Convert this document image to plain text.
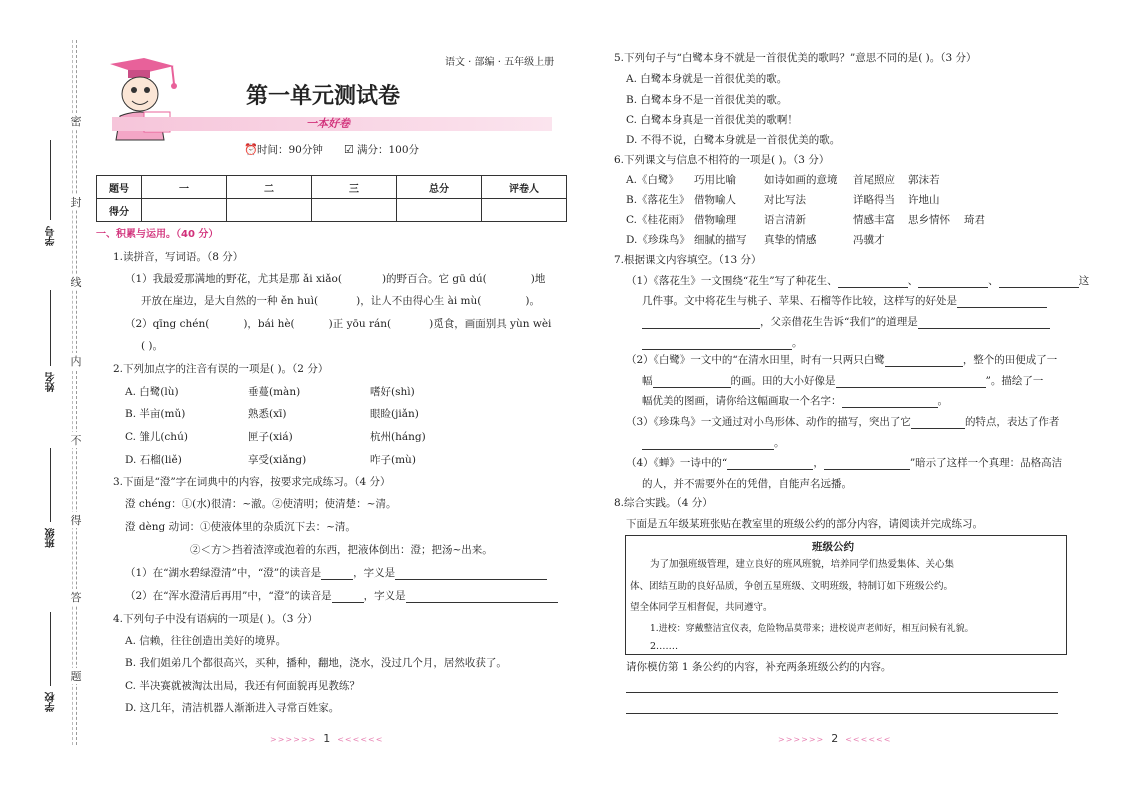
密
封
线
内
不
得
答
题
学号
姓名
班级
学校
语文 · 部编 · 五年级上册
第一单元测试卷
一本好卷
⏰ 时间：90分钟 ☑ 满分：100分
题号	一	二	三	总分	评卷人
得分					
一、积累与运用。（40 分）
1.读拼音，写词语。（8 分）
（1）我最爱那满地的野花，尤其是那 ǎi xiǎo(	)的野百合。它 gū dú(	)地
开放在崖边，是大自然的一种 ěn huì(	)，让人不由得心生 ài mù(	)。
（2）qīng chén(	)，bái hè(	)正 yōu rán(	)觅食，画面别具 yùn wèi
( )。
2.下列加点字的注音有误的一项是( )。（2 分）
A. 白鹭(lù)	垂蔓(màn)	嗜好(shì)
B. 半亩(mǔ)	熟悉(xī)	眼睑(jiǎn)
C. 雏儿(chú)	匣子(xiá)	杭州(háng)
D. 石榴(liě)	享受(xiǎng)	咋子(mù)
3.下面是“澄”字在词典中的内容，按要求完成练习。（4 分）
澄 chéng：①(水)很清：~澈。②使清明；使清楚：~清。
澄 dèng 动词：①使液体里的杂质沉下去：~清。
②＜方＞挡着渣滓或泡着的东西，把液体倒出：澄；把汤~出来。
（1）在“湖水碧绿澄清”中，“澄”的读音是	，字义是
（2）在“浑水澄清后再用”中，“澄”的读音是	，字义是
4.下列句子中没有语病的一项是( )。（3 分）
A. 信赖，往往创造出美好的境界。
B. 我们姐弟几个都很高兴，买种，播种，翻地，浇水，没过几个月，居然收获了。
C. 半决赛就被淘汰出局，我还有何面貌再见教练？
D. 这几年，清洁机器人渐渐进入寻常百姓家。
>>>>>> 1 <<<<<<
5.下列句子与“白鹭本身不就是一首很优美的歌吗？”意思不同的是( )。（3 分）
A. 白鹭本身就是一首很优美的歌。
B. 白鹭本身不是一首很优美的歌。
C. 白鹭本身真是一首很优美的歌啊！
D. 不得不说，白鹭本身就是一首很优美的歌。
6.下列课文与信息不相符的一项是( )。（3 分）
A.《白鹭》 巧用比喻	如诗如画的意境 首尾照应 郭沫若
B.《落花生》 借物喻人	对比写法	详略得当 许地山
C.《桂花雨》 借物喻理	语言清新	情感丰富 思乡情怀 琦君
D.《珍珠鸟》 细腻的描写 真挚的情感	冯骥才
7.根据课文内容填空。（13 分）
（1）《落花生》一文围绕“花生”写了种花生、	、	、	这
几件事。文中将花生与桃子、苹果、石榴等作比较，这样写的好处是
，父亲借花生告诉“我们”的道理是
。
（2）《白鹭》一文中的“在清水田里，时有一只两只白鹭	，整个的田便成了一
幅	的画。田的大小好像是	”。描绘了一
幅优美的图画，请你给这幅画取一个名字：	。
（3）《珍珠鸟》一文通过对小鸟形体、动作的描写，突出了它	的特点，表达了作者
。
（4）《蝉》一诗中的“	，	”暗示了这样一个真理：品格高洁
的人，并不需要外在的凭借，自能声名远播。
8.综合实践。（4 分）
下面是五年级某班张贴在教室里的班级公约的部分内容，请阅读并完成练习。
班级公约
为了加强班级管理，建立良好的班风班貌，培养同学们热爱集体、关心集
体、团结互助的良好品质，争创五星班级、文明班级，特制订如下班级公约。
望全体同学互相督促，共同遵守。
1.进校：穿戴整洁宜仪表，危险物品莫带来；进校说声老师好，相互问候有礼貌。
2.……
请你模仿第 1 条公约的内容，补充两条班级公约的内容。
>>>>>> 2 <<<<<<
